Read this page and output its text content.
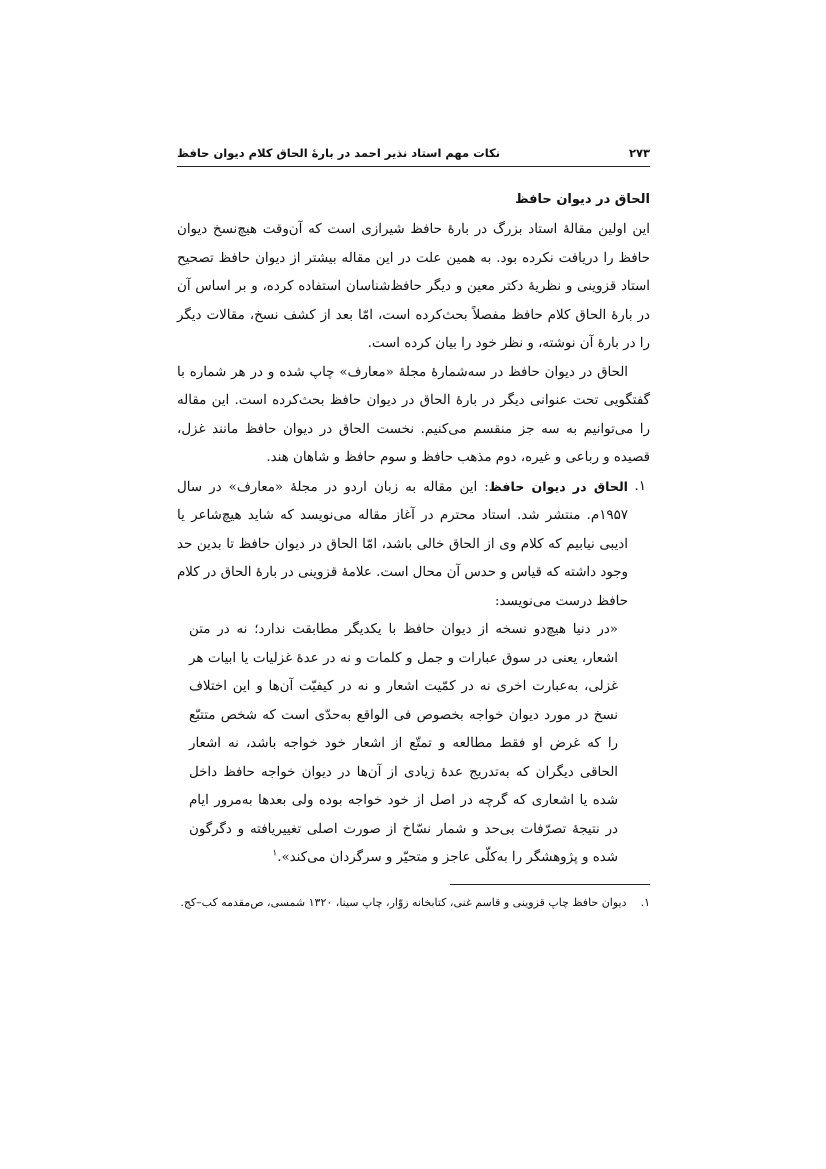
۲۷۳
نکات مهم استاد نذیر احمد در بارهٔ الحاق کلام دیوان حافظ

الحاق در دیوان حافظ

این اولین مقالهٔ استاد بزرگ در بارهٔ حافظ شیرازی است که آن‌وقت هیچ‌نسخ دیوان حافظ را دریافت نکرده بود. به همین علت در این مقاله بیشتر از دیوان حافظ تصحیح استاد قزوینی و نظریهٔ دکتر معین و دیگر حافظ‌شناسان استفاده کرده، و بر اساس آن در بارهٔ الحاق کلام حافظ مفصلاً بحث‌کرده است، امّا بعد از کشف نسخ، مقالات دیگر را در بارهٔ آن نوشته، و نظر خود را بیان کرده است.

الحاق در دیوان حافظ در سه‌شمارهٔ مجلهٔ «معارف» چاپ شده و در هر شماره با گفتگویی تحت عنوانی دیگر در بارهٔ الحاق در دیوان حافظ بحث‌کرده است. این مقاله را می‌توانیم به سه جز منقسم می‌کنیم. نخست الحاق در دیوان حافظ مانند غزل، قصیده و رباعی و غیره، دوم مذهب حافظ و سوم حافظ و شاهان هند.

۱.
الحاق در دیوان حافظ: این مقاله به زبان اردو در مجلهٔ «معارف» در سال ۱۹۵۷م. منتشر شد. استاد محترم در آغاز مقاله می‌نویسد که شاید هیچ‌شاعر یا ادیبی نیابیم که کلام وی از الحاق خالی باشد، امّا الحاق در دیوان حافظ تا بدین حد وجود داشته که قیاس و حدس آن محال است. علامهٔ قزوینی در بارهٔ الحاق در کلام حافظ درست می‌نویسد:

«در دنیا هیچ‌دو نسخه از دیوان حافظ با یکدیگر مطابقت ندارد؛ نه در متن اشعار، یعنی در سوق عبارات و جمل و کلمات و نه در عدهٔ غزلیات یا ابیات هر غزلی، به‌عبارت اخری نه در کمّیت اشعار و نه در کیفیّت آن‌ها و این اختلاف نسخ در مورد دیوان خواجه بخصوص فی الواقع به‌حدّی است که شخص متتبّع را که غرض او فقط مطالعه و تمتّع از اشعار خود خواجه باشد، نه اشعار الحاقی دیگران که به‌تدریج عدهٔ زیادی از آن‌ها در دیوان خواجه حافظ داخل شده یا اشعاری که گرچه در اصل از خود خواجه بوده ولی بعدها به‌مرور ایام در نتیجهٔ تصرّفات بی‌حد و شمار نسّاخ از صورت اصلی تغییریافته و دگرگون شده و پژوهشگر را به‌کلّی عاجز و متحیّر و سرگردان می‌کند».$^۱$

۱. دیوان حافظ چاپ قزوینی و قاسم غنی، کتابخانه زوّار، چاپ سینا، ۱۳۲۰ شمسی، ص‌مقدمه کب–کج.
